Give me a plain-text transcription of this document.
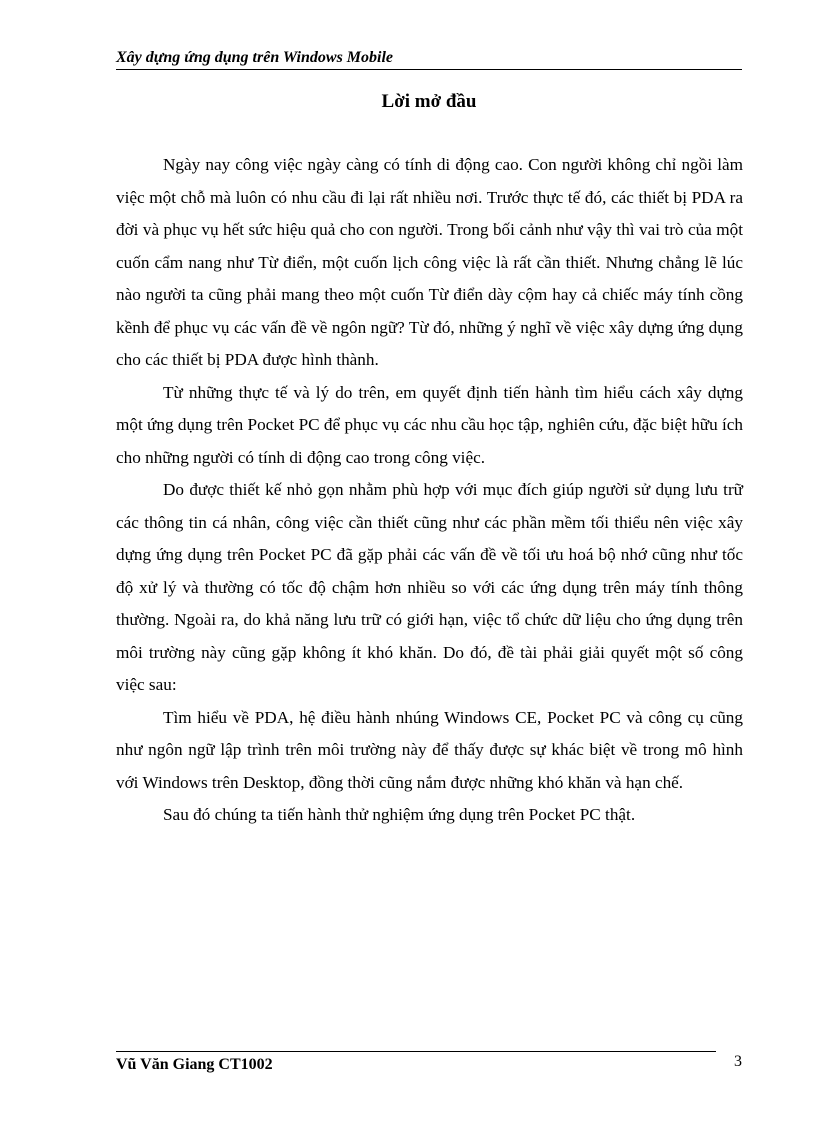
Xây dựng ứng dụng trên Windows Mobile
Lời mở đầu

Ngày nay công việc ngày càng có tính di động cao. Con người không chỉ ngồi làm việc một chỗ mà luôn có nhu cầu đi lại rất nhiều nơi. Trước thực tế đó, các thiết bị PDA ra đời và phục vụ hết sức hiệu quả cho con người. Trong bối cảnh như vậy thì vai trò của một cuốn cẩm nang như Từ điển, một cuốn lịch công việc là rất cần thiết. Nhưng chẳng lẽ lúc nào người ta cũng phải mang theo một cuốn Từ điển dày cộm hay cả chiếc máy tính cồng kềnh để phục vụ các vấn đề về ngôn ngữ? Từ đó, những ý nghĩ về việc xây dựng ứng dụng cho các thiết bị PDA được hình thành.

Từ những thực tế và lý do trên, em quyết định tiến hành tìm hiểu cách xây dựng một ứng dụng trên Pocket PC để phục vụ các nhu cầu học tập, nghiên cứu, đặc biệt hữu ích cho những người có tính di động cao trong công việc.

Do được thiết kế nhỏ gọn nhằm phù hợp với mục đích giúp người sử dụng lưu trữ các thông tin cá nhân, công việc cần thiết cũng như các phần mềm tối thiểu nên việc xây dựng ứng dụng trên Pocket PC đã gặp phải các vấn đề về tối ưu hoá bộ nhớ cũng như tốc độ xử lý và thường có tốc độ chậm hơn nhiều so với các ứng dụng trên máy tính thông thường. Ngoài ra, do khả năng lưu trữ có giới hạn, việc tổ chức dữ liệu cho ứng dụng trên môi trường này cũng gặp không ít khó khăn. Do đó, đề tài phải giải quyết một số công việc sau:

Tìm hiểu về PDA, hệ điều hành nhúng Windows CE, Pocket PC và công cụ cũng như ngôn ngữ lập trình trên môi trường này để thấy được sự khác biệt về trong mô hình với Windows trên Desktop, đồng thời cũng nắm được những khó khăn và hạn chế.

Sau đó chúng ta tiến hành thử nghiệm ứng dụng trên Pocket PC thật.

Vũ Văn Giang CT1002	3
